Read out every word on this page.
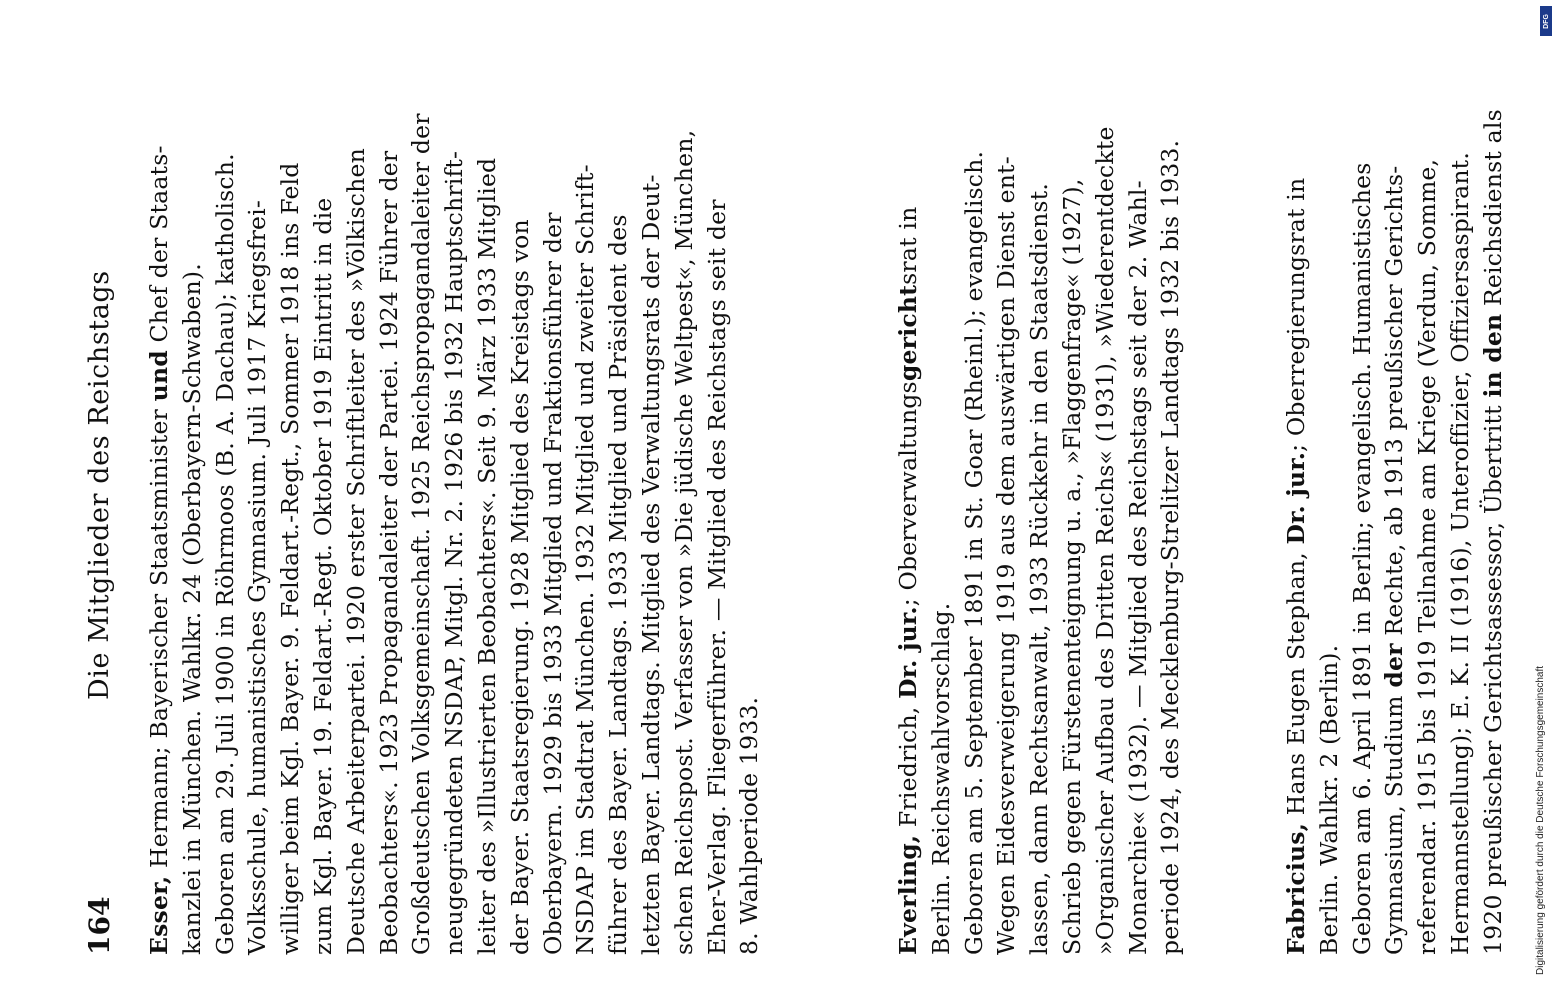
164
Die Mitglieder des Reichstags
Esser, Hermann; Bayerischer Staatsminister und Chef der Staats-
kanzlei in München. Wahlkr. 24 (Oberbayern-Schwaben). Geboren am 29. Juli 1900 in Röhrmoos (B. A. Dachau); katholisch. Volksschule, humanistisches Gymnasium. Juli 1917 Kriegsfrei- williger beim Kgl. Bayer. 9. Feldart.-Regt., Sommer 1918 ins Feld zum Kgl. Bayer. 19. Feldart.-Regt. Oktober 1919 Eintritt in die Deutsche Arbeiterpartei. 1920 erster Schriftleiter des »Völkischen Beobachters«. 1923 Propagandaleiter der Partei. 1924 Führer der Großdeutschen Volksgemeinschaft. 1925 Reichspropagandaleiter der neugegründeten NSDAP, Mitgl. Nr. 2. 1926 bis 1932 Hauptschrift- leiter des »Illustrierten Beobachters«. Seit 9. März 1933 Mitglied der Bayer. Staatsregierung. 1928 Mitglied des Kreistags von Oberbayern. 1929 bis 1933 Mitglied und Fraktionsführer der NSDAP im Stadtrat München. 1932 Mitglied und zweiter Schrift- führer des Bayer. Landtags. 1933 Mitglied und Präsident des letzten Bayer. Landtags. Mitglied des Verwaltungsrats der Deut- schen Reichspost. Verfasser von »Die jüdische Weltpest«, München, Eher-Verlag. Fliegerführer. — Mitglied des Reichstags seit der 8. Wahlperiode 1933.	Everling, Friedrich, Dr. jur.; Oberverwaltungsgerichtsrat in
Berlin. Reichswahlvorschlag. Geboren am 5. September 1891 in St. Goar (Rheinl.); evangelisch. Wegen Eidesverweigerung 1919 aus dem auswärtigen Dienst ent- lassen, dann Rechtsanwalt, 1933 Rückkehr in den Staatsdienst. Schrieb gegen Fürstenenteignung u. a., »Flaggenfrage« (1927), »Organischer Aufbau des Dritten Reichs« (1931), »Wiederentdeckte Monarchie« (1932). — Mitglied des Reichstags seit der 2. Wahl- periode 1924, des Mecklenburg-Strelitzer Landtags 1932 bis 1933.	Fabricius, Hans Eugen Stephan, Dr. jur.; Oberregierungsrat in
Berlin. Wahlkr. 2 (Berlin). Geboren am 6. April 1891 in Berlin; evangelisch. Humanistisches Gymnasium, Studium der Rechte, ab 1913 preußischer Gerichts- referendar. 1915 bis 1919 Teilnahme am Kriege (Verdun, Somme, Hermannstellung); E. K. II (1916), Unteroffizier, Offiziersaspirant. 1920 preußischer Gerichtsassessor, Übertritt in den Reichsdienst als
Digitalisierung gefördert durch die Deutsche Forschungsgemeinschaft
DFG
